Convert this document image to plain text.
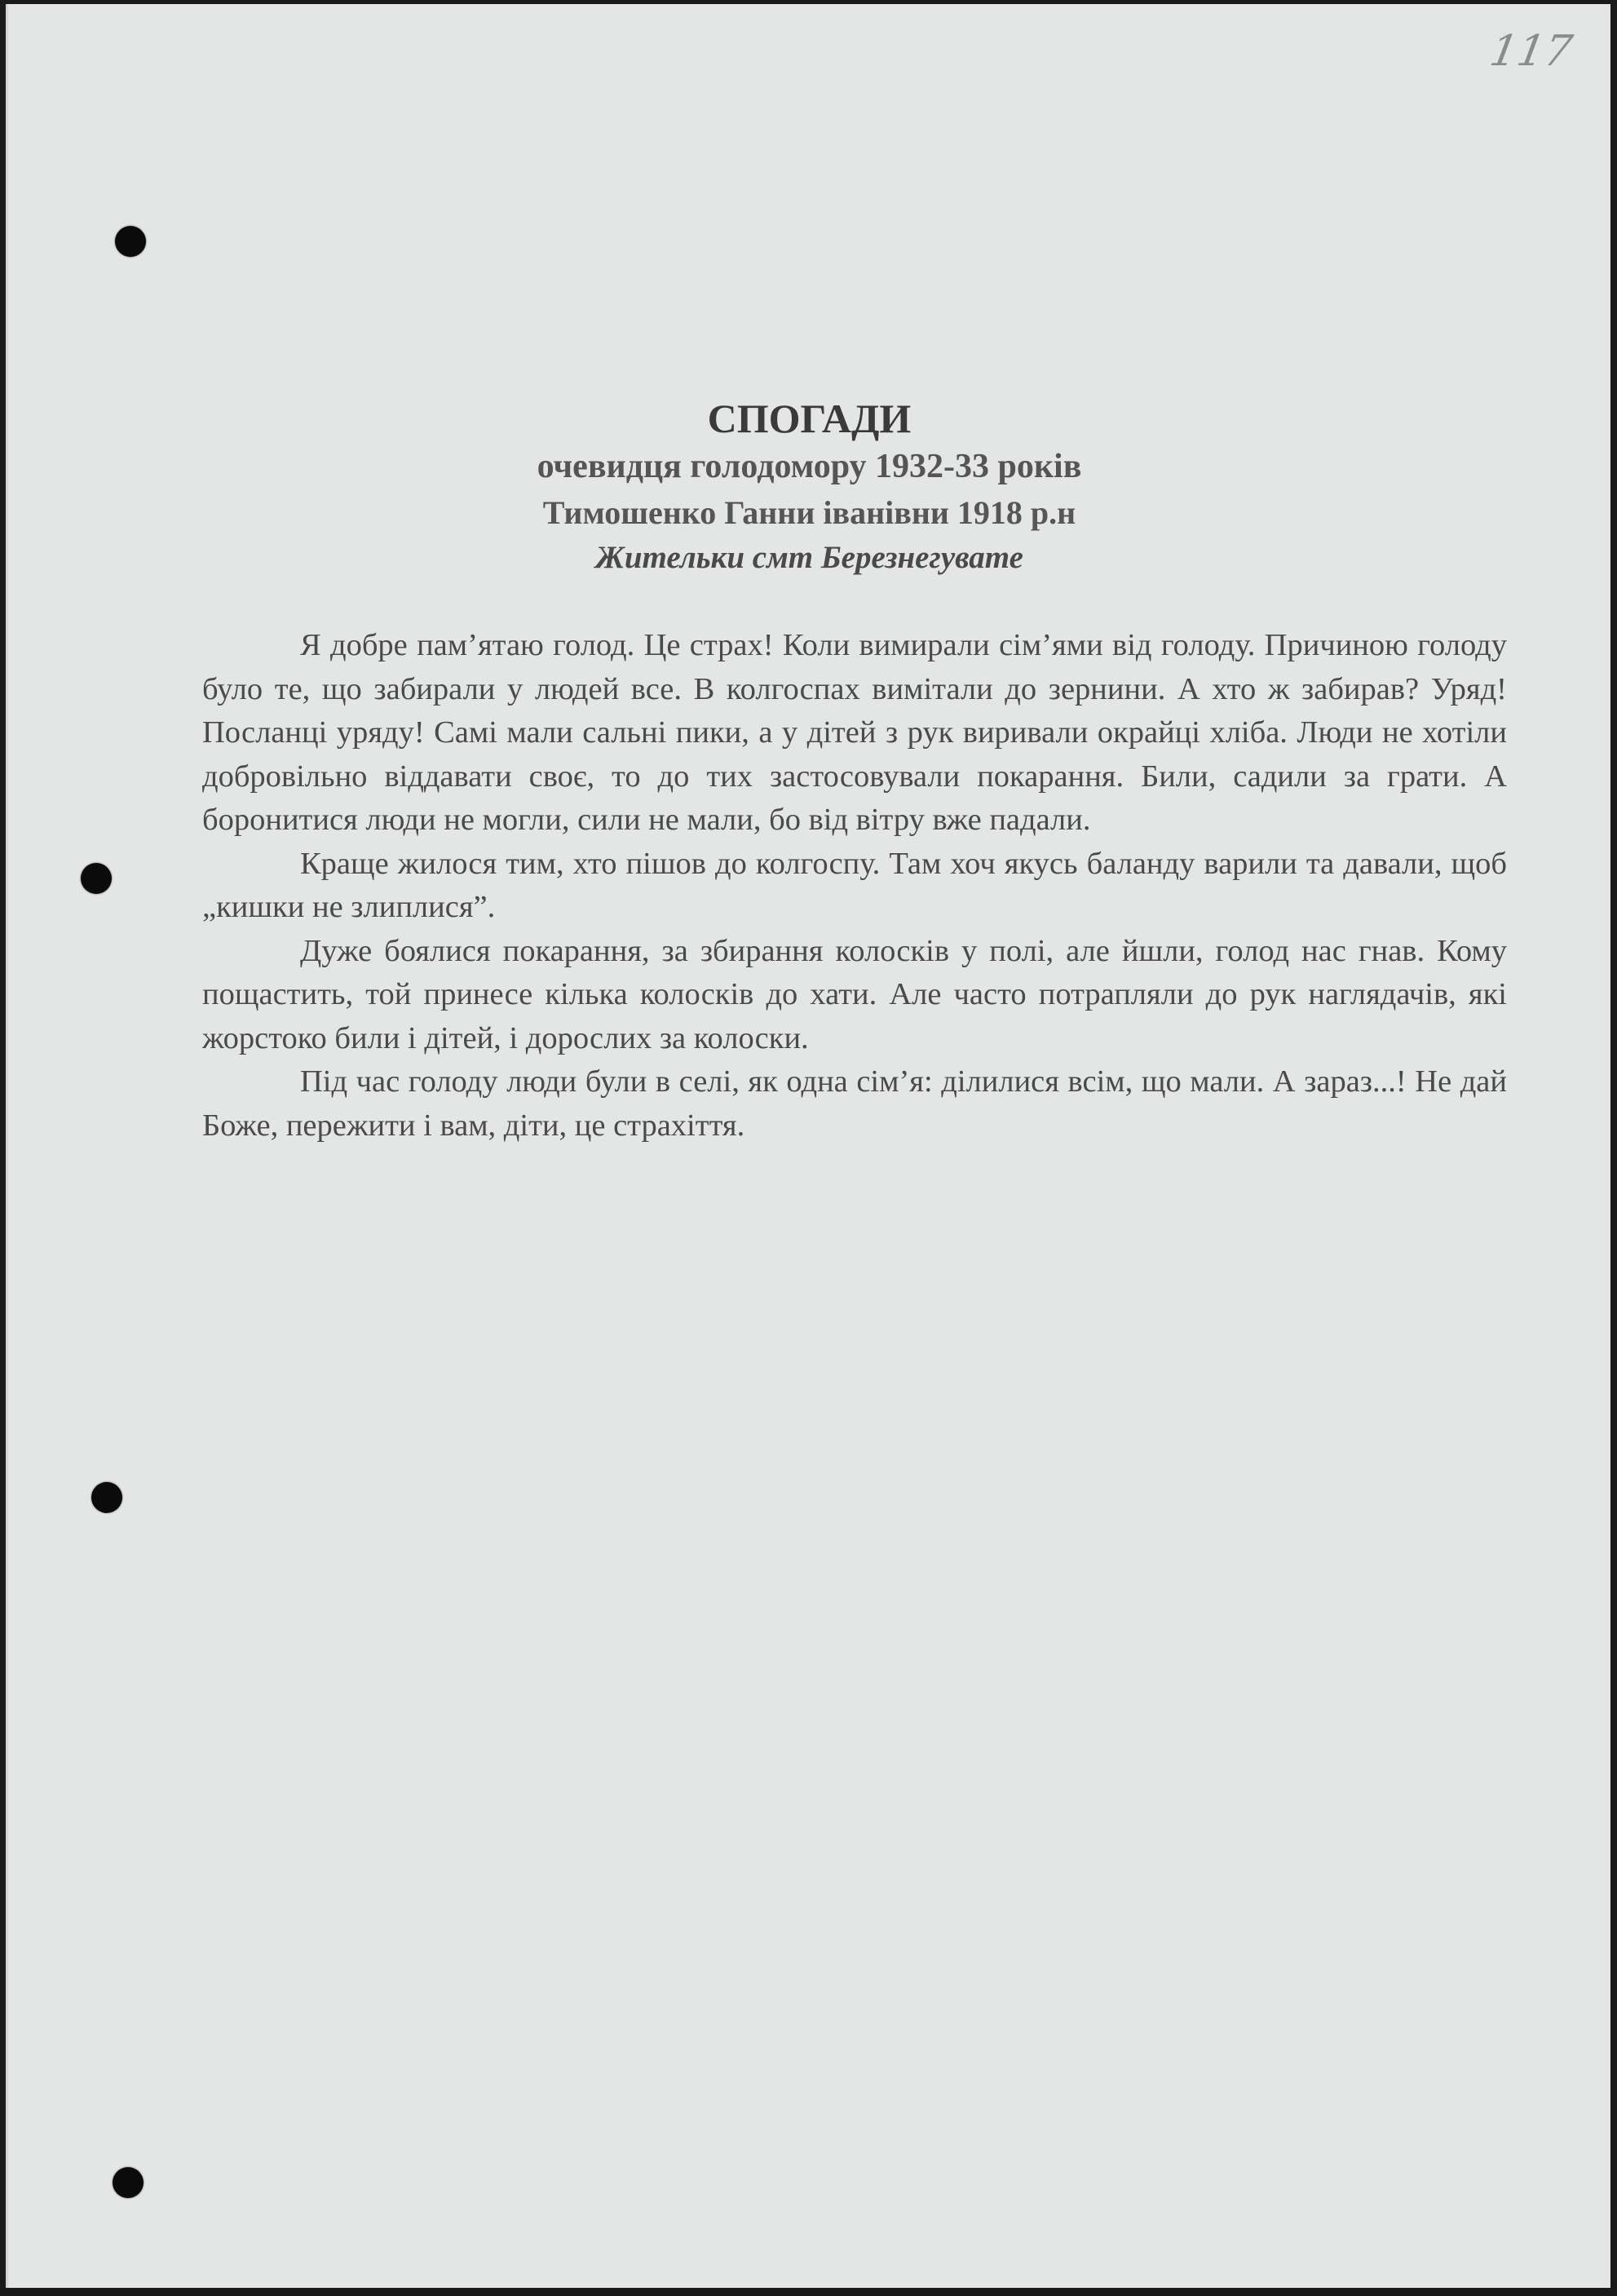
117
СПОГАДИ
очевидця голодомору 1932-33 років
Тимошенко Ганни іванівни 1918 р.н
Жительки смт Березнегувате

Я добре пам’ятаю голод. Це страх! Коли вимирали сім’ями від голоду. Причиною голоду було те, що забирали у людей все. В колгоспах вимітали до зернини. А хто ж забирав? Уряд! Посланці уряду! Самі мали сальні пики, а у дітей з рук виривали окрайці хліба. Люди не хотіли добровільно віддавати своє, то до тих застосовували покарання. Били, садили за грати. А боронитися люди не могли, сили не мали, бо від вітру вже падали.

Краще жилося тим, хто пішов до колгоспу. Там хоч якусь баланду варили та давали, щоб „кишки не злиплися”.

Дуже боялися покарання, за збирання колосків у полі, але йшли, голод нас гнав. Кому пощастить, той принесе кілька колосків до хати. Але часто потрапляли до рук наглядачів, які жорстоко били і дітей, і дорослих за колоски.

Під час голоду люди були в селі, як одна сім’я: ділилися всім, що мали. А зараз...! Не дай Боже, пережити і вам, діти, це страхіття.
